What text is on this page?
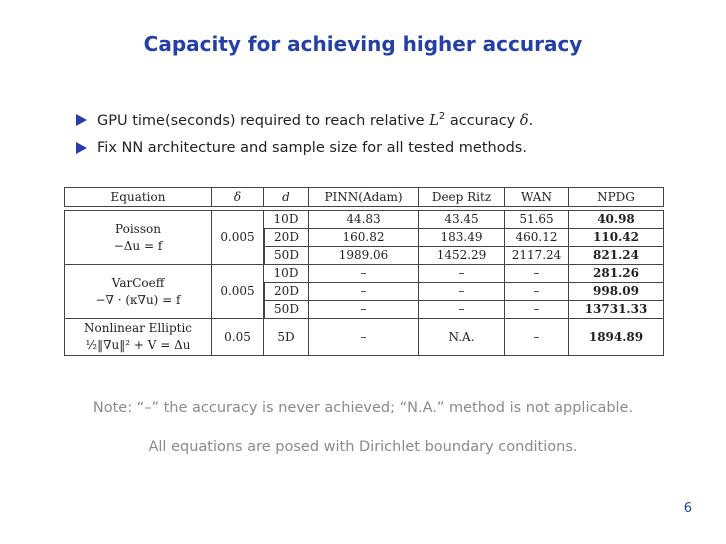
Capacity for achieving higher accuracy
GPU time(seconds) required to reach relative $L^2$ accuracy δ.
Fix NN architecture and sample size for all tested methods.
Equation	δ	d	PINN(Adam)	Deep Ritz	WAN	NPDG

Poisson
−Δu = f	0.005	10D	44.83	43.45	51.65	40.98
		20D	160.82	183.49	460.12	110.42
		50D	1989.06	1452.29	2117.24	821.24

VarCoeff
−∇ · (κ∇u) = f	0.005	10D	–	–	–	281.26
		20D	–	–	–	998.09
		50D	–	–	–	13731.33

Nonlinear Elliptic
½‖∇u‖² + V = Δu	0.05	5D	–	N.A.	–	1894.89
Note: “–” the accuracy is never achieved; “N.A.” method is not applicable.
All equations are posed with Dirichlet boundary conditions.
6
